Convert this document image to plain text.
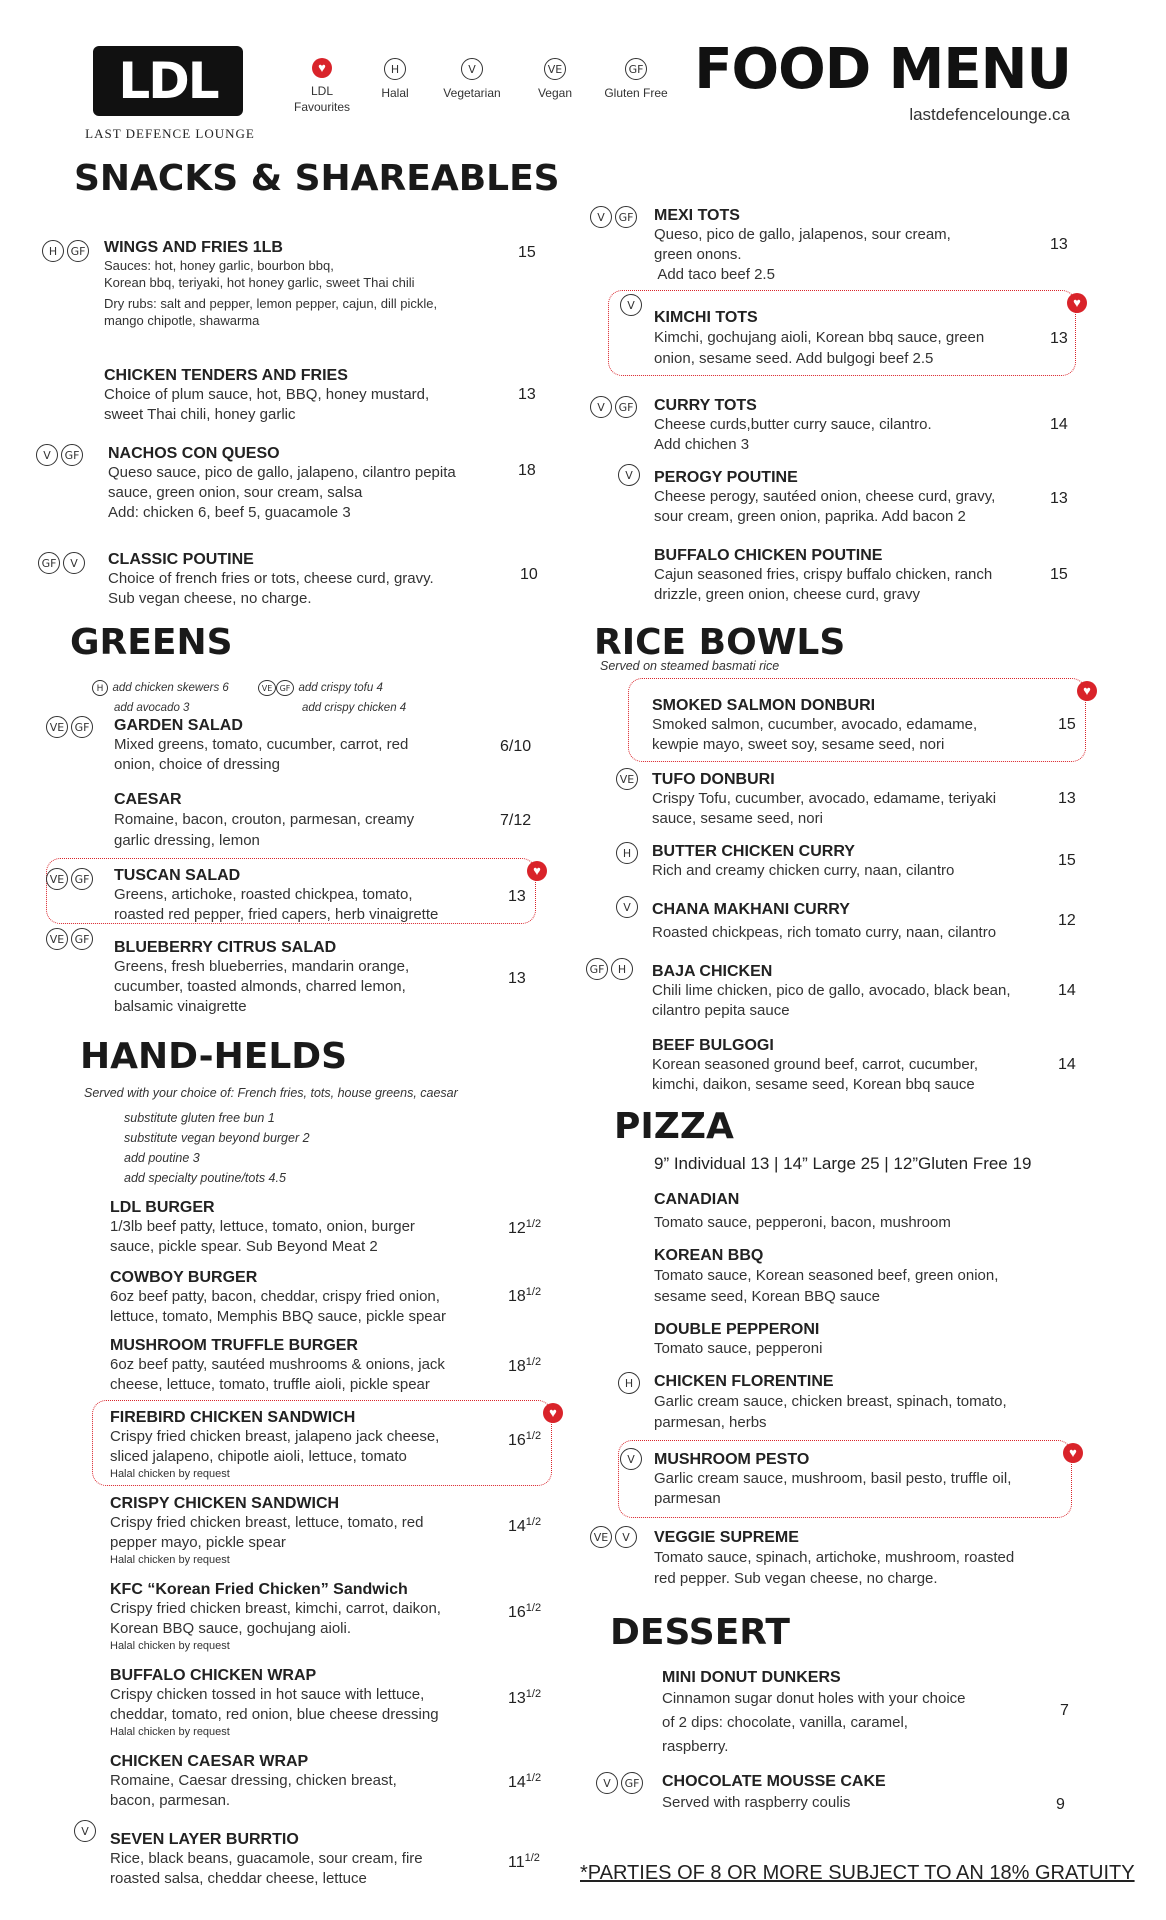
LDL
LAST DEFENCE LOUNGE
♥
LDL
Favourites
H
Halal
V
Vegetarian
VE
Vegan
GF
Gluten Free FOOD MENU
lastdefencelounge.ca
SNACKS & SHAREABLES
H GF	WINGS AND FRIES 1LB
Sauces: hot, honey garlic, bourbon bbq,
Korean bbq, teriyaki, hot honey garlic, sweet Thai chili
Dry rubs: salt and pepper, lemon pepper, cajun, dill pickle,
mango chipotle, shawarma
15
CHICKEN TENDERS AND FRIES
Choice of plum sauce, hot, BBQ, honey mustard,
sweet Thai chili, honey garlic
13
V GF	NACHOS CON QUESO
Queso sauce, pico de gallo, jalapeno, cilantro pepita
sauce, green onion, sour cream, salsa
Add: chicken 6, beef 5, guacamole 3
18
GF V	CLASSIC POUTINE
Choice of french fries or tots, cheese curd, gravy.
Sub vegan cheese, no charge.
10
GREENS
H add chicken skewers 6
add avocado 3
VE GF add crispy tofu 4
add crispy chicken 4
VE GF	GARDEN SALAD
Mixed greens, tomato, cucumber, carrot, red
onion, choice of dressing
6/10
CAESAR
Romaine, bacon, crouton, parmesan, creamy
garlic dressing, lemon
7/12
♥
VE GF	TUSCAN SALAD
Greens, artichoke, roasted chickpea, tomato,
roasted red pepper, fried capers, herb vinaigrette
13
VE GF	BLUEBERRY CITRUS SALAD
Greens, fresh blueberries, mandarin orange,
cucumber, toasted almonds, charred lemon,
balsamic vinaigrette
13
HAND-HELDS
Served with your choice of: French fries, tots, house greens, caesar
substitute gluten free bun 1
substitute vegan beyond burger 2
add poutine 3
add specialty poutine/tots 4.5
LDL BURGER
1/3lb beef patty, lettuce, tomato, onion, burger
sauce, pickle spear. Sub Beyond Meat 2
$12^{1/2}$
COWBOY BURGER
6oz beef patty, bacon, cheddar, crispy fried onion,
lettuce, tomato, Memphis BBQ sauce, pickle spear
$18^{1/2}$
MUSHROOM TRUFFLE BURGER
6oz beef patty, sautéed mushrooms & onions, jack
cheese, lettuce, tomato, truffle aioli, pickle spear
$18^{1/2}$
♥
FIREBIRD CHICKEN SANDWICH
Crispy fried chicken breast, jalapeno jack cheese,
sliced jalapeno, chipotle aioli, lettuce, tomato
Halal chicken by request
$16^{1/2}$
CRISPY CHICKEN SANDWICH
Crispy fried chicken breast, lettuce, tomato, red
pepper mayo, pickle spear
Halal chicken by request
$14^{1/2}$
KFC “Korean Fried Chicken” Sandwich
Crispy fried chicken breast, kimchi, carrot, daikon,
Korean BBQ sauce, gochujang aioli.
Halal chicken by request
$16^{1/2}$
BUFFALO CHICKEN WRAP
Crispy chicken tossed in hot sauce with lettuce,
cheddar, tomato, red onion, blue cheese dressing
Halal chicken by request
$13^{1/2}$
CHICKEN CAESAR WRAP
Romaine, Caesar dressing, chicken breast,
bacon, parmesan.
$14^{1/2}$
V	SEVEN LAYER BURRTIO
Rice, black beans, guacamole, sour cream, fire
roasted salsa, cheddar cheese, lettuce
$11^{1/2}$
V GF	MEXI TOTS
Queso, pico de gallo, jalapenos, sour cream,
green onons.
Add taco beef 2.5
13
♥
V
KIMCHI TOTS
Kimchi, gochujang aioli, Korean bbq sauce, green
onion, sesame seed. Add bulgogi beef 2.5
13
V GF	CURRY TOTS
Cheese curds,butter curry sauce, cilantro.
Add chichen 3
14
V	PEROGY POUTINE
Cheese perogy, sautéed onion, cheese curd, gravy,
sour cream, green onion, paprika. Add bacon 2
13
BUFFALO CHICKEN POUTINE
Cajun seasoned fries, crispy buffalo chicken, ranch
drizzle, green onion, cheese curd, gravy
15
RICE BOWLS
Served on steamed basmati rice
♥
SMOKED SALMON DONBURI
Smoked salmon, cucumber, avocado, edamame,
kewpie mayo, sweet soy, sesame seed, nori
15
VE	TUFO DONBURI
Crispy Tofu, cucumber, avocado, edamame, teriyaki
sauce, sesame seed, nori
13
H	BUTTER CHICKEN CURRY
Rich and creamy chicken curry, naan, cilantro
15
V	CHANA MAKHANI CURRY
Roasted chickpeas, rich tomato curry, naan, cilantro
12
GF H	BAJA CHICKEN
Chili lime chicken, pico de gallo, avocado, black bean,
cilantro pepita sauce
14
BEEF BULGOGI
Korean seasoned ground beef, carrot, cucumber,
kimchi, daikon, sesame seed, Korean bbq sauce
14
PIZZA
9” Individual 13 | 14” Large 25 | 12”Gluten Free 19
CANADIAN
Tomato sauce, pepperoni, bacon, mushroom
KOREAN BBQ
Tomato sauce, Korean seasoned beef, green onion,
sesame seed, Korean BBQ sauce
DOUBLE PEPPERONI
Tomato sauce, pepperoni
H	CHICKEN FLORENTINE
Garlic cream sauce, chicken breast, spinach, tomato,
parmesan, herbs
♥
V	MUSHROOM PESTO
Garlic cream sauce, mushroom, basil pesto, truffle oil,
parmesan
VE V	VEGGIE SUPREME
Tomato sauce, spinach, artichoke, mushroom, roasted
red pepper. Sub vegan cheese, no charge.
DESSERT
MINI DONUT DUNKERS
Cinnamon sugar donut holes with your choice
of 2 dips: chocolate, vanilla, caramel,
raspberry.
7
V GF	CHOCOLATE MOUSSE CAKE
Served with raspberry coulis	9
*PARTIES OF 8 OR MORE SUBJECT TO AN 18% GRATUITY
